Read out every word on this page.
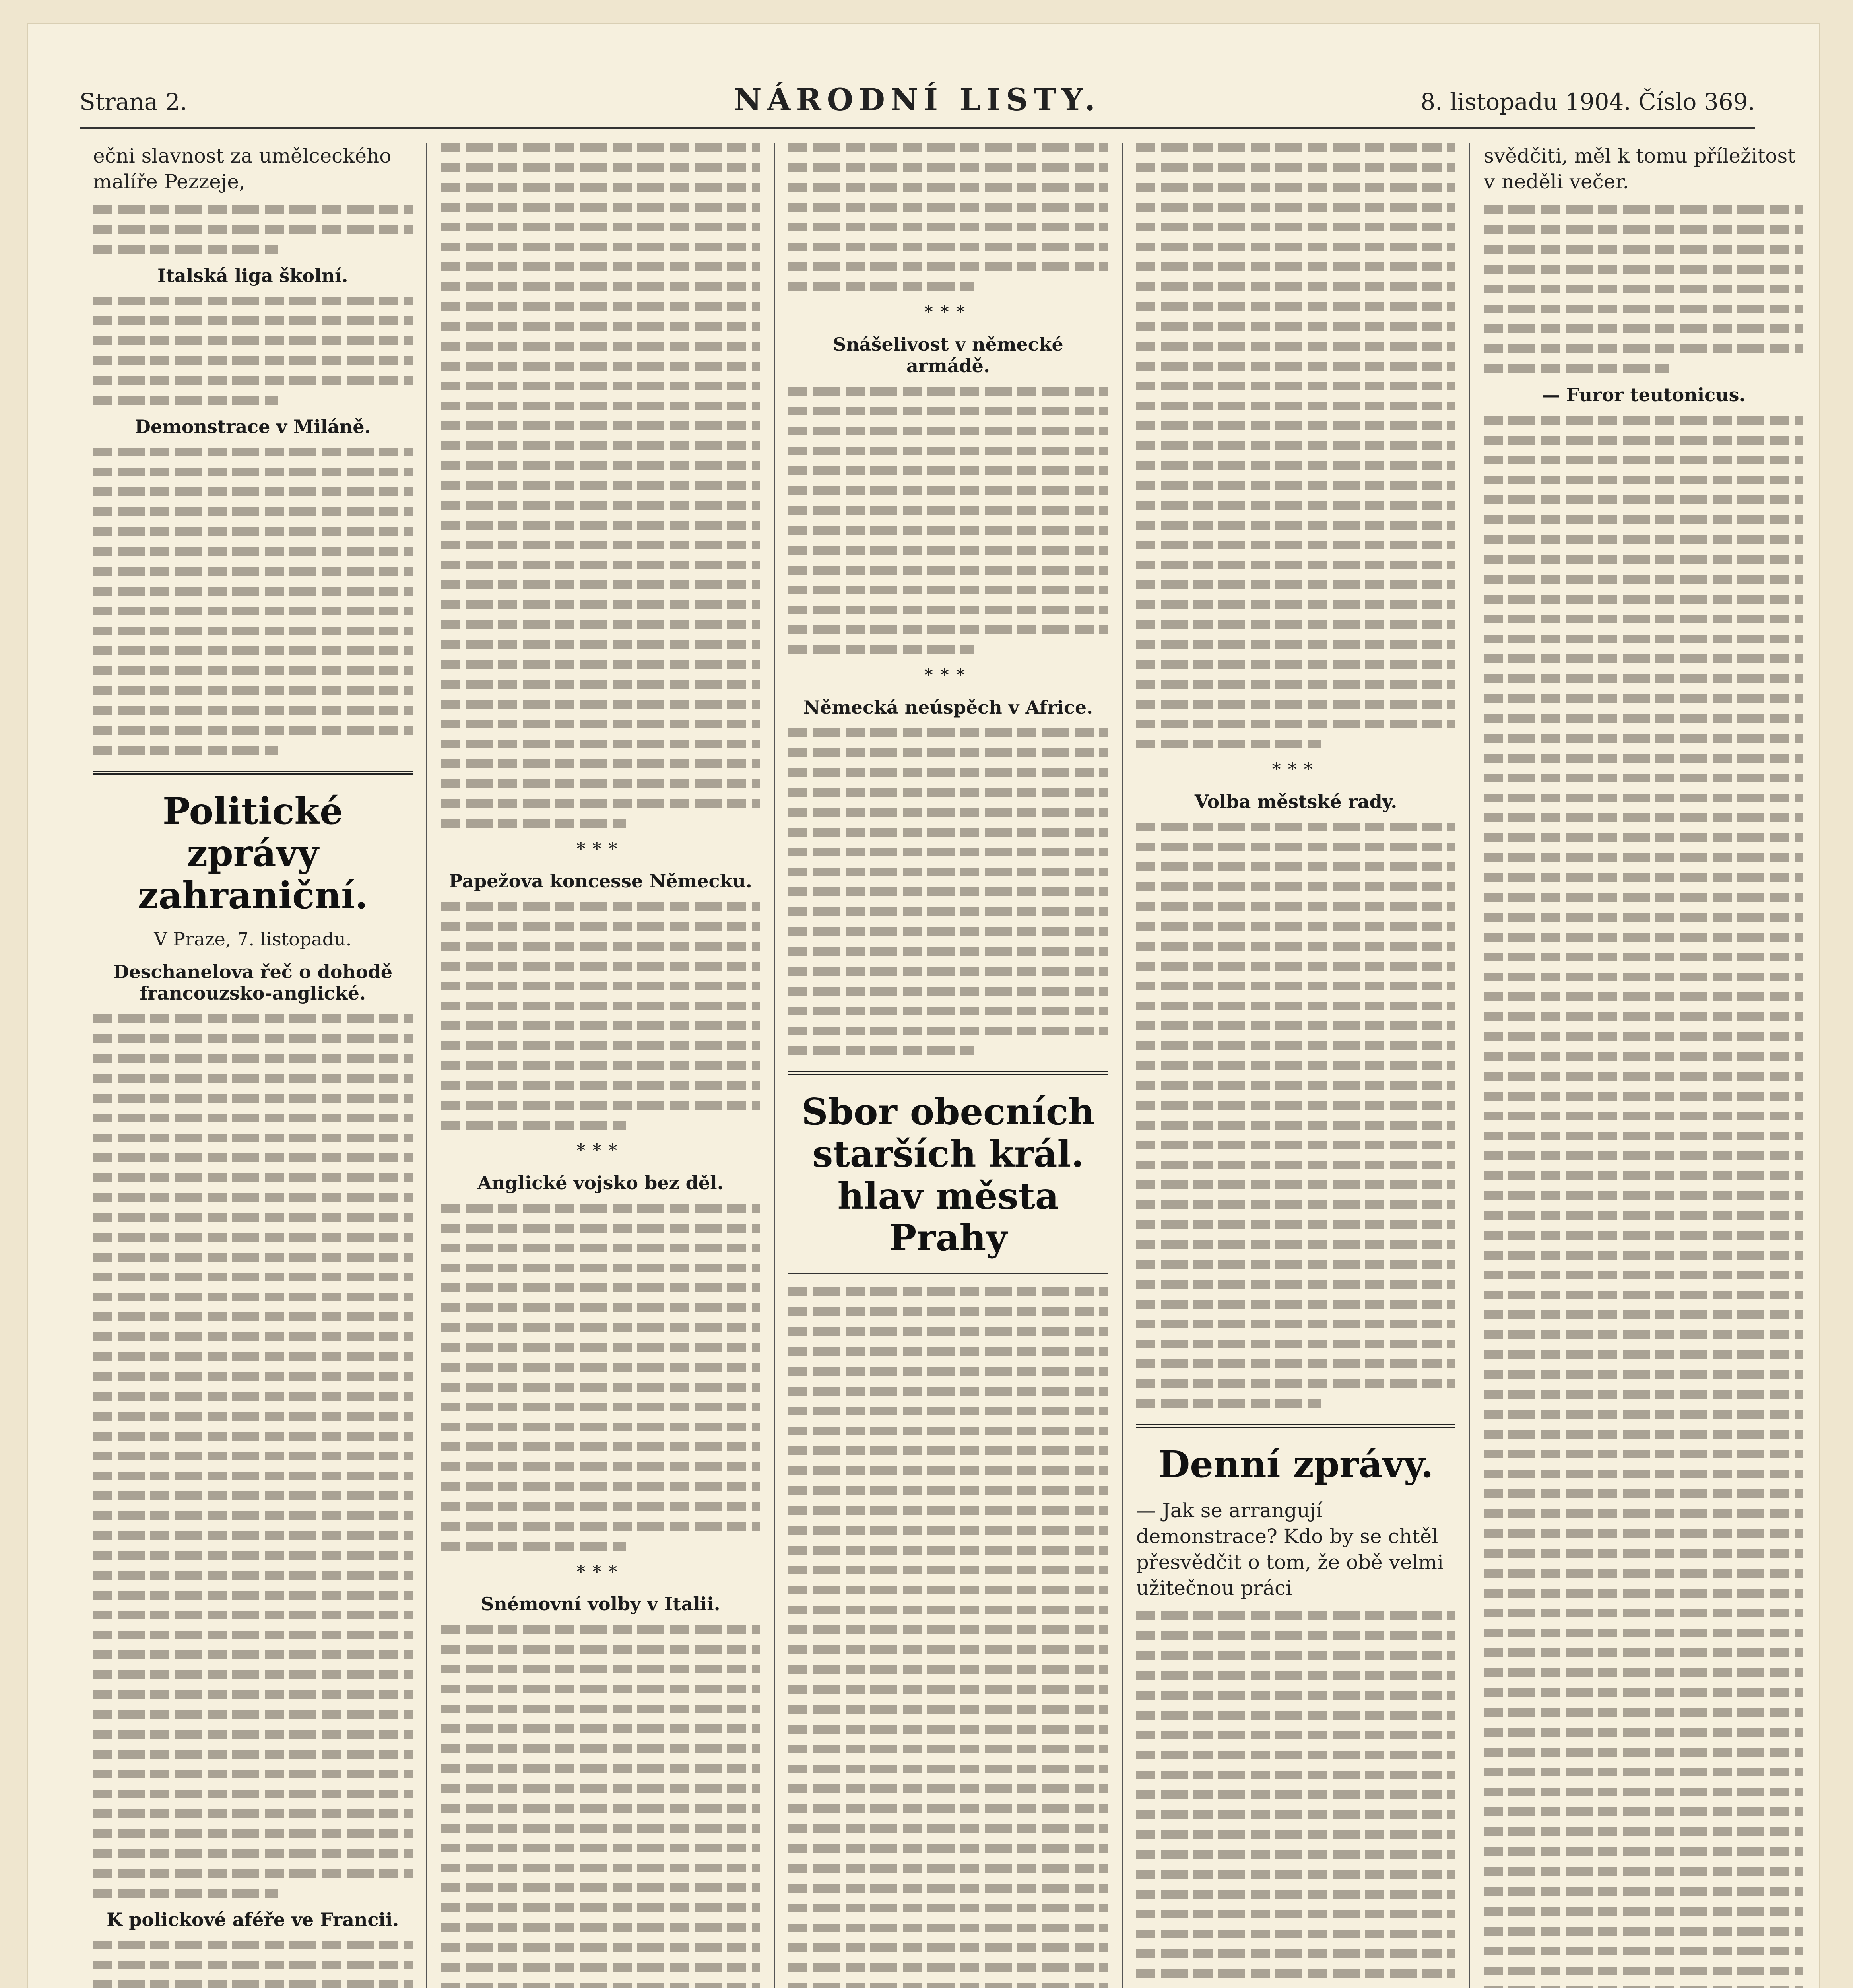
Strana 2.	NÁRODNÍ LISTY.	8. listopadu 1904. Číslo 369.
ečni slavnost za umělceckého malíře Pezzeje,
Italská liga školní.
Demonstrace v Miláně.
Politické zprávy zahraniční.
V Praze, 7. listopadu.
Deschanelova řeč o dohodě francouzsko-anglické.
K polickové aféře ve Francii.
***
Papežova koncesse Německu.
***
Anglické vojsko bez děl.
***
Snémovní volby v Italii.
***
Snášelivost v německé armádě.
***
Německá neúspěch v Africe.
Sbor obecních starších král. hlav města Prahy
***
Volba městské rady.
Denní zprávy.
— Jak se arrangují demonstrace? Kdo by se chtěl přesvědčit o tom, že obě velmi užitečnou práci
svědčiti, měl k tomu příležitost v neděli večer.
— Furor teutonicus.
